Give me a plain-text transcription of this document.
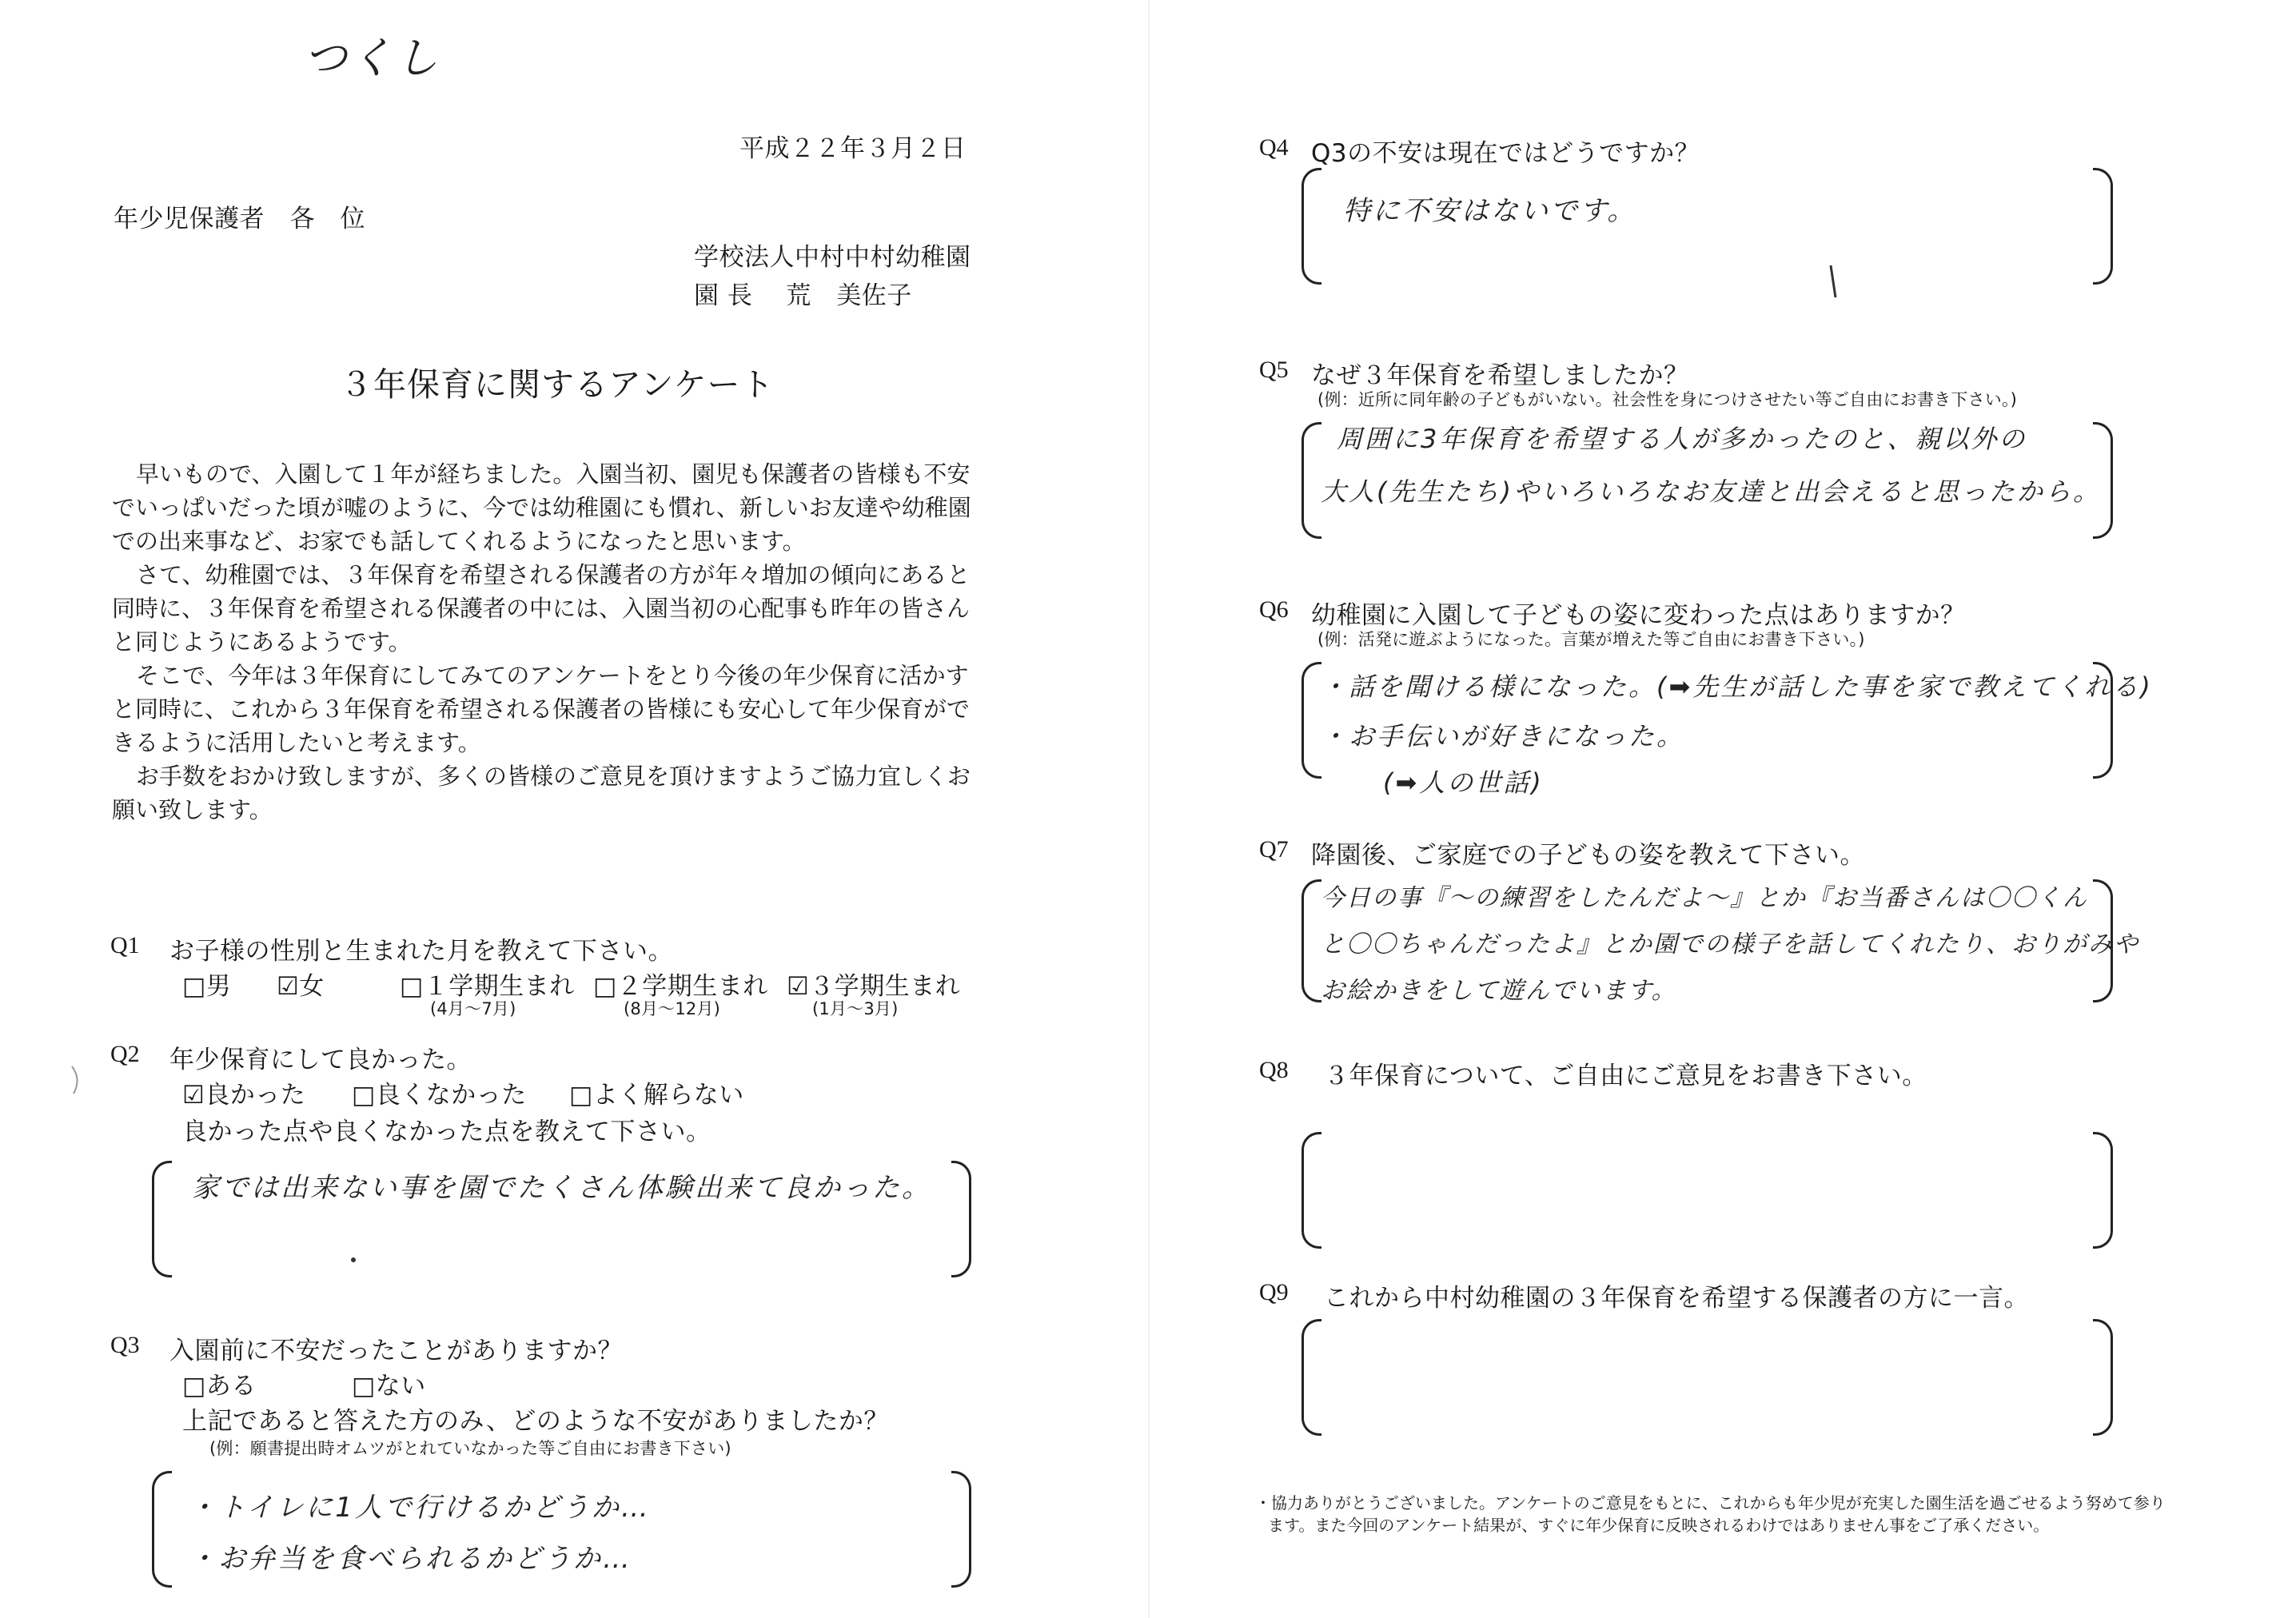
つくし
平成２２年３月２日
年少児保護者　各　位
学校法人中村中村幼稚園
園 長　 荒　美佐子
３年保育に関するアンケート

早いもので、入園して１年が経ちました。入園当初、園児も保護者の皆様も不安でいっぱいだった頃が嘘のように、今では幼稚園にも慣れ、新しいお友達や幼稚園での出来事など、お家でも話してくれるようになったと思います。

さて、幼稚園では、３年保育を希望される保護者の方が年々増加の傾向にあると同時に、３年保育を希望される保護者の中には、入園当初の心配事も昨年の皆さんと同じようにあるようです。

そこで、今年は３年保育にしてみてのアンケートをとり今後の年少保育に活かすと同時に、これから３年保育を希望される保護者の皆様にも安心して年少保育ができるように活用したいと考えます。

お手数をおかけ致しますが、多くの皆様のご意見を頂けますようご協力宜しくお願い致します。

Q1 お子様の性別と生まれた月を教えて下さい。
□男 ☑女	□１学期生まれ
(4月～7月)
□２学期生まれ
(8月～12月)
☑３学期生まれ
(1月～3月)
Q2 年少保育にして良かった。
☑良かった □良くなかった □よく解らない
良かった点や良くなかった点を教えて下さい。
家では出来ない事を園でたくさん体験出来て良かった。
Q3 入園前に不安だったことがありますか？
□ある	□ない
上記であると答えた方のみ、どのような不安がありましたか？
(例：願書提出時オムツがとれていなかった等ご自由にお書き下さい)
・トイレに1人で行けるかどうか…
・お弁当を食べられるかどうか…
Q4 Q3の不安は現在ではどうですか？
特に不安はないです。
Q5 なぜ３年保育を希望しましたか？
(例：近所に同年齢の子どもがいない。社会性を身につけさせたい等ご自由にお書き下さい。)
周囲に3年保育を希望する人が多かったのと、親以外の
大人(先生たち)やいろいろなお友達と出会えると思ったから。
Q6 幼稚園に入園して子どもの姿に変わった点はありますか？
(例：活発に遊ぶようになった。言葉が増えた等ご自由にお書き下さい。)
・話を聞ける様になった。(➡先生が話した事を家で教えてくれる)
・お手伝いが好きになった。
(➡人の世話)
Q7 降園後、ご家庭での子どもの姿を教えて下さい。
今日の事『～の練習をしたんだよ～』とか『お当番さんは〇〇くん
と〇〇ちゃんだったよ』とか園での様子を話してくれたり、おりがみや
お絵かきをして遊んでいます。
Q8 ３年保育について、ご自由にご意見をお書き下さい。
Q9 これから中村幼稚園の３年保育を希望する保護者の方に一言。
・協力ありがとうございました。アンケートのご意見をもとに、これからも年少児が充実した園生活を過ごせるよう努めて参り
ます。また今回のアンケート結果が、すぐに年少保育に反映されるわけではありません事をご了承ください。
